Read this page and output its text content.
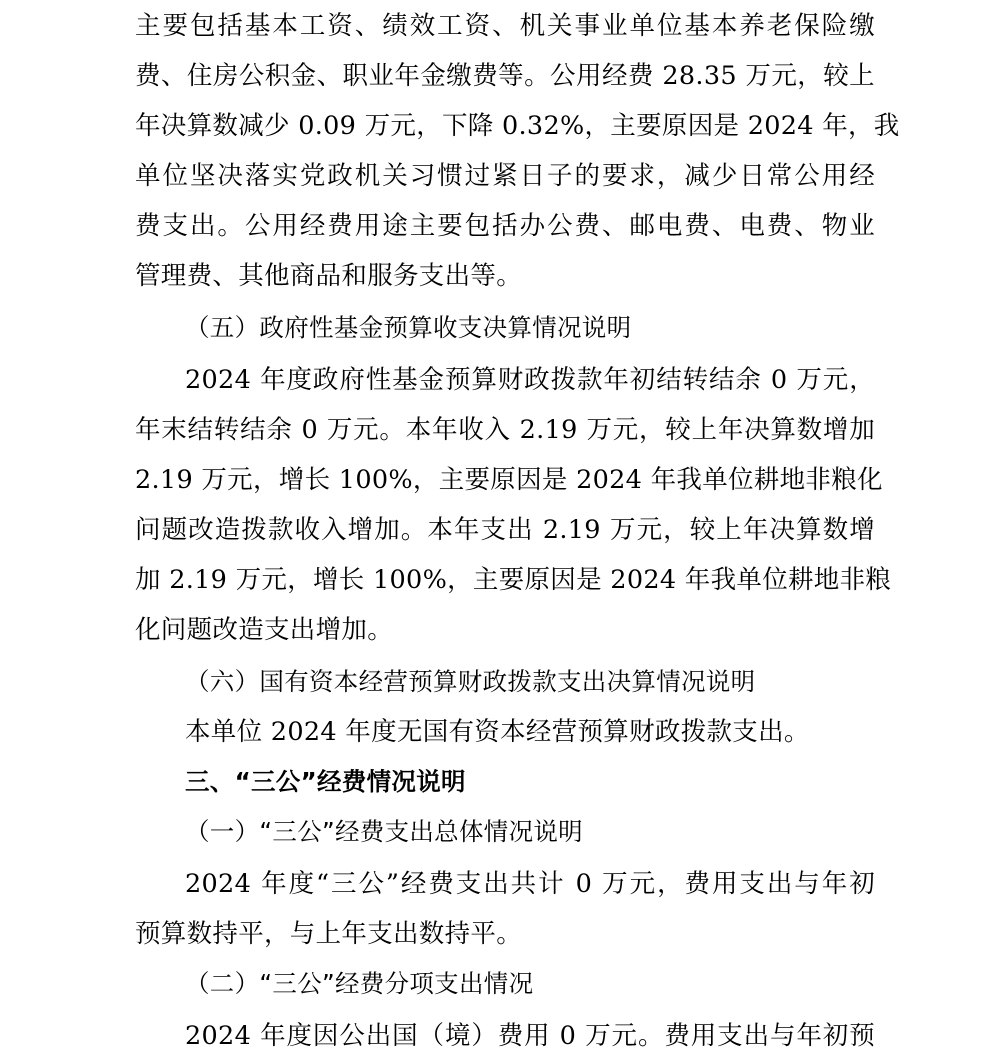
主要包括基本工资、绩效工资、机关事业单位基本养老保险缴
费、住房公积金、职业年金缴费等。公用经费 28.35 万元，较上
年决算数减少 0.09 万元，下降 0.32%，主要原因是 2024 年，我
单位坚决落实党政机关习惯过紧日子的要求，减少日常公用经
费支出。公用经费用途主要包括办公费、邮电费、电费、物业
管理费、其他商品和服务支出等。
（五）政府性基金预算收支决算情况说明
2024 年度政府性基金预算财政拨款年初结转结余 0 万元，
年末结转结余 0 万元。本年收入 2.19 万元，较上年决算数增加
2.19 万元，增长 100%，主要原因是 2024 年我单位耕地非粮化
问题改造拨款收入增加。本年支出 2.19 万元，较上年决算数增
加 2.19 万元，增长 100%，主要原因是 2024 年我单位耕地非粮
化问题改造支出增加。
（六）国有资本经营预算财政拨款支出决算情况说明
本单位 2024 年度无国有资本经营预算财政拨款支出。
三、“三公”经费情况说明
（一）“三公”经费支出总体情况说明
2024 年度“三公”经费支出共计 0 万元，费用支出与年初
预算数持平，与上年支出数持平。
（二）“三公”经费分项支出情况
2024 年度因公出国（境）费用 0 万元。费用支出与年初预
